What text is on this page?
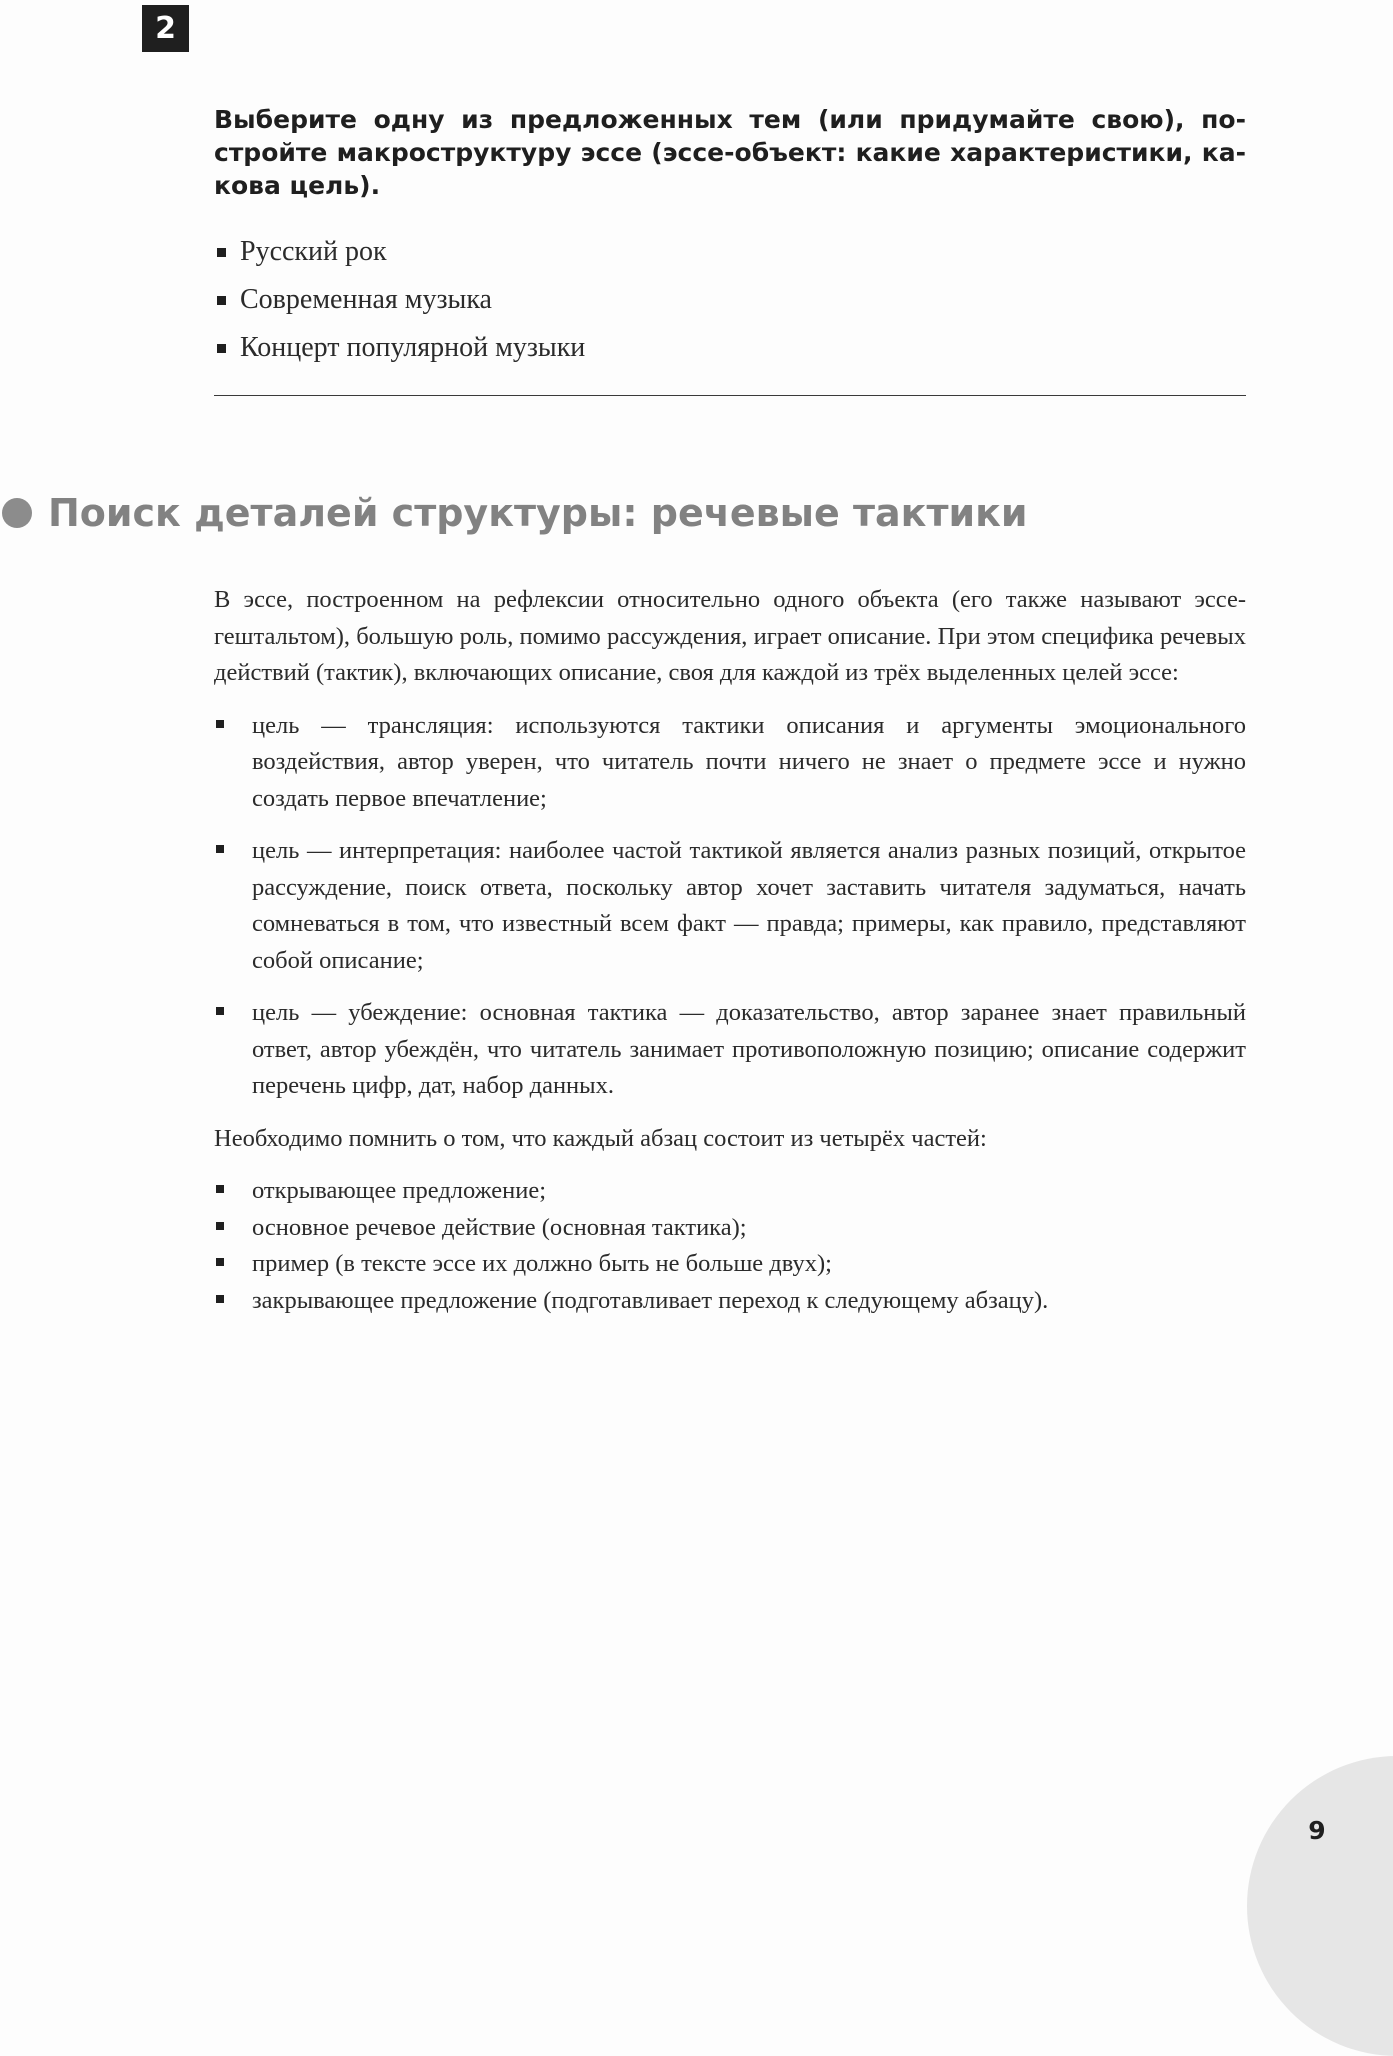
2
Выберите одну из предложенных тем (или придумайте свою), постройте макроструктуру эссе (эссе-объект: какие характеристики, какова цель).
Русский рок
Современная музыка
Концерт популярной музыки
Поиск деталей структуры: речевые тактики

В эссе, построенном на рефлексии относительно одного объекта (его также называют эссе-гештальтом), большую роль, помимо рассуждения, играет описание. При этом специфика речевых действий (тактик), включающих описание, своя для каждой из трёх выделенных целей эссе:

цель — трансляция: используются тактики описания и аргументы эмоционального воздействия, автор уверен, что читатель почти ничего не знает о предмете эссе и нужно создать первое впечатление;
цель — интерпретация: наиболее частой тактикой является анализ разных позиций, открытое рассуждение, поиск ответа, поскольку автор хочет заставить читателя задуматься, начать сомневаться в том, что известный всем факт — правда; примеры, как правило, представляют собой описание;
цель — убеждение: основная тактика — доказательство, автор заранее знает правильный ответ, автор убеждён, что читатель занимает противоположную позицию; описание содержит перечень цифр, дат, набор данных.

Необходимо помнить о том, что каждый абзац состоит из четырёх частей:

открывающее предложение;
основное речевое действие (основная тактика);
пример (в тексте эссе их должно быть не больше двух);
закрывающее предложение (подготавливает переход к следующему абзацу).
9
